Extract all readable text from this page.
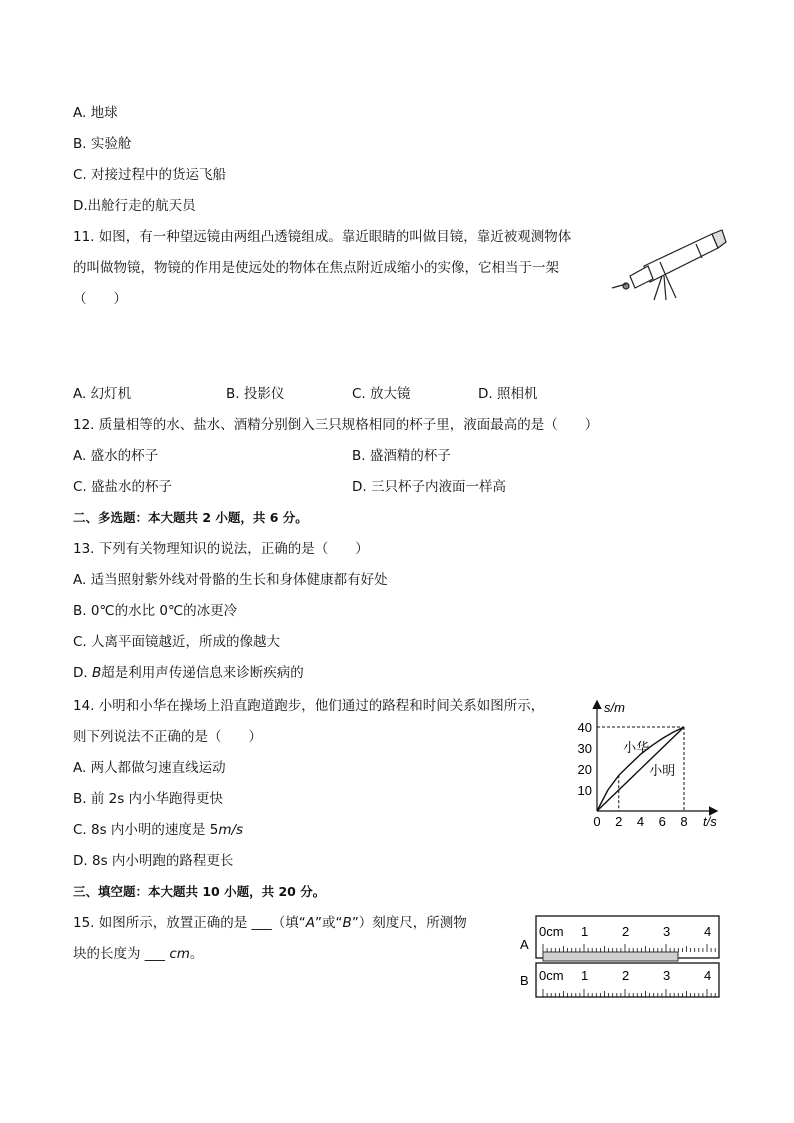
A. 地球
B. 实验舱
C. 对接过程中的货运飞船
D.出舱行走的航天员
11. 如图，有一种望远镜由两组凸透镜组成。靠近眼睛的叫做目镜，靠近被观测物体
的叫做物镜，物镜的作用是使远处的物体在焦点附近成缩小的实像，它相当于一架
（　　）
A. 幻灯机	B. 投影仪	C. 放大镜	D. 照相机
12. 质量相等的水、盐水、酒精分别倒入三只规格相同的杯子里，液面最高的是（　　）
A. 盛水的杯子	B. 盛酒精的杯子
C. 盛盐水的杯子	D. 三只杯子内液面一样高
二、多选题：本大题共 2 小题，共 6 分。
13. 下列有关物理知识的说法，正确的是（　　）
A. 适当照射紫外线对骨骼的生长和身体健康都有好处
B. 0℃的水比 0℃的冰更冷
C. 人离平面镜越近，所成的像越大
D. B超是利用声传递信息来诊断疾病的
14. 小明和小华在操场上沿直跑道跑步，他们通过的路程和时间关系如图所示，
则下列说法不正确的是（　　）
A. 两人都做匀速直线运动
B. 前 2s 内小华跑得更快
C. 8s 内小明的速度是 5m/s
D. 8s 内小明跑的路程更长
s/m
t/s
小华
小明
0 2 4 6 8
10
20
30
40
三、填空题：本大题共 10 小题，共 20 分。
15. 如图所示，放置正确的是 ___（填“A”或“B”）刻度尺，所测物
块的长度为 ___ cm。
A
B
0cm 1	2	3	4
0cm 1	2	3	4
